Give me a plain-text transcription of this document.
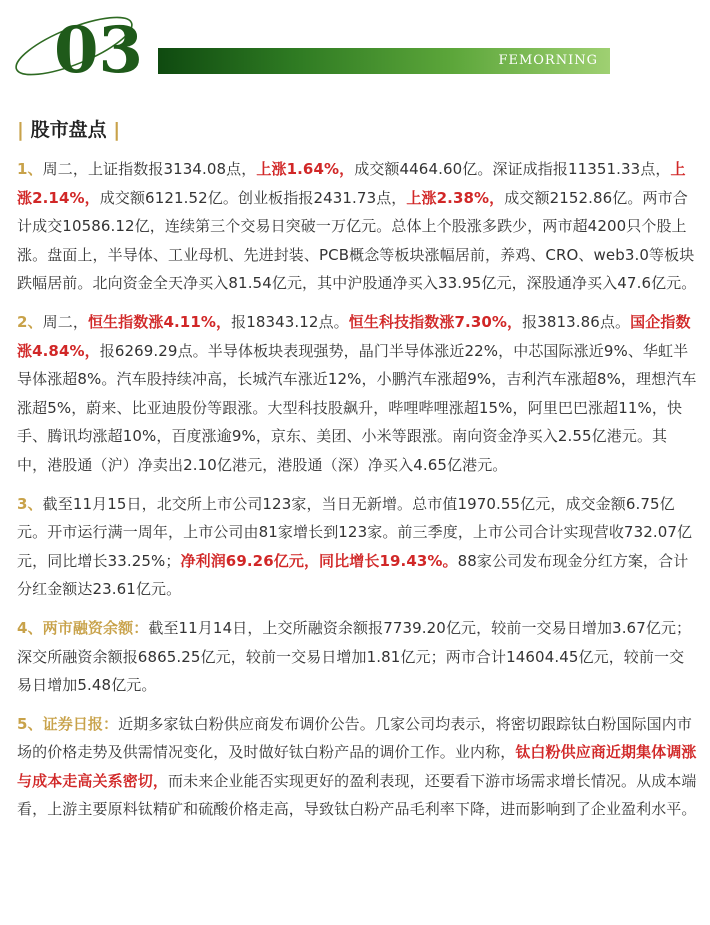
03	FEMORNING
| 股市盘点 |

1、周二，上证指数报3134.08点，上涨1.64%，成交额4464.60亿。深证成指报11351.33点，上涨2.14%，成交额6121.52亿。创业板指报2431.73点，上涨2.38%，成交额2152.86亿。两市合计成交10586.12亿，连续第三个交易日突破一万亿元。总体上个股涨多跌少，两市超4200只个股上涨。盘面上，半导体、工业母机、先进封装、PCB概念等板块涨幅居前，养鸡、CRO、web3.0等板块跌幅居前。北向资金全天净买入81.54亿元，其中沪股通净买入33.95亿元，深股通净买入47.6亿元。

2、周二，恒生指数涨4.11%，报18343.12点。恒生科技指数涨7.30%，报3813.86点。国企指数涨4.84%，报6269.29点。半导体板块表现强势，晶门半导体涨近22%，中芯国际涨近9%、华虹半导体涨超8%。汽车股持续冲高，长城汽车涨近12%，小鹏汽车涨超9%，吉利汽车涨超8%，理想汽车涨超5%，蔚来、比亚迪股份等跟涨。大型科技股飙升，哔哩哔哩涨超15%，阿里巴巴涨超11%，快手、腾讯均涨超10%，百度涨逾9%，京东、美团、小米等跟涨。南向资金净买入2.55亿港元。其中，港股通（沪）净卖出2.10亿港元，港股通（深）净买入4.65亿港元。

3、截至11月15日，北交所上市公司123家，当日无新增。总市值1970.55亿元，成交金额6.75亿元。开市运行满一周年，上市公司由81家增长到123家。前三季度，上市公司合计实现营收732.07亿元，同比增长33.25%；净利润69.26亿元，同比增长19.43%。88家公司发布现金分红方案，合计分红金额达23.61亿元。

4、两市融资余额：截至11月14日，上交所融资余额报7739.20亿元，较前一交易日增加3.67亿元；深交所融资余额报6865.25亿元，较前一交易日增加1.81亿元；两市合计14604.45亿元，较前一交易日增加5.48亿元。

5、证券日报：近期多家钛白粉供应商发布调价公告。几家公司均表示，将密切跟踪钛白粉国际国内市场的价格走势及供需情况变化，及时做好钛白粉产品的调价工作。业内称，钛白粉供应商近期集体调涨与成本走高关系密切，而未来企业能否实现更好的盈利表现，还要看下游市场需求增长情况。从成本端看，上游主要原料钛精矿和硫酸价格走高，导致钛白粉产品毛利率下降，进而影响到了企业盈利水平。
